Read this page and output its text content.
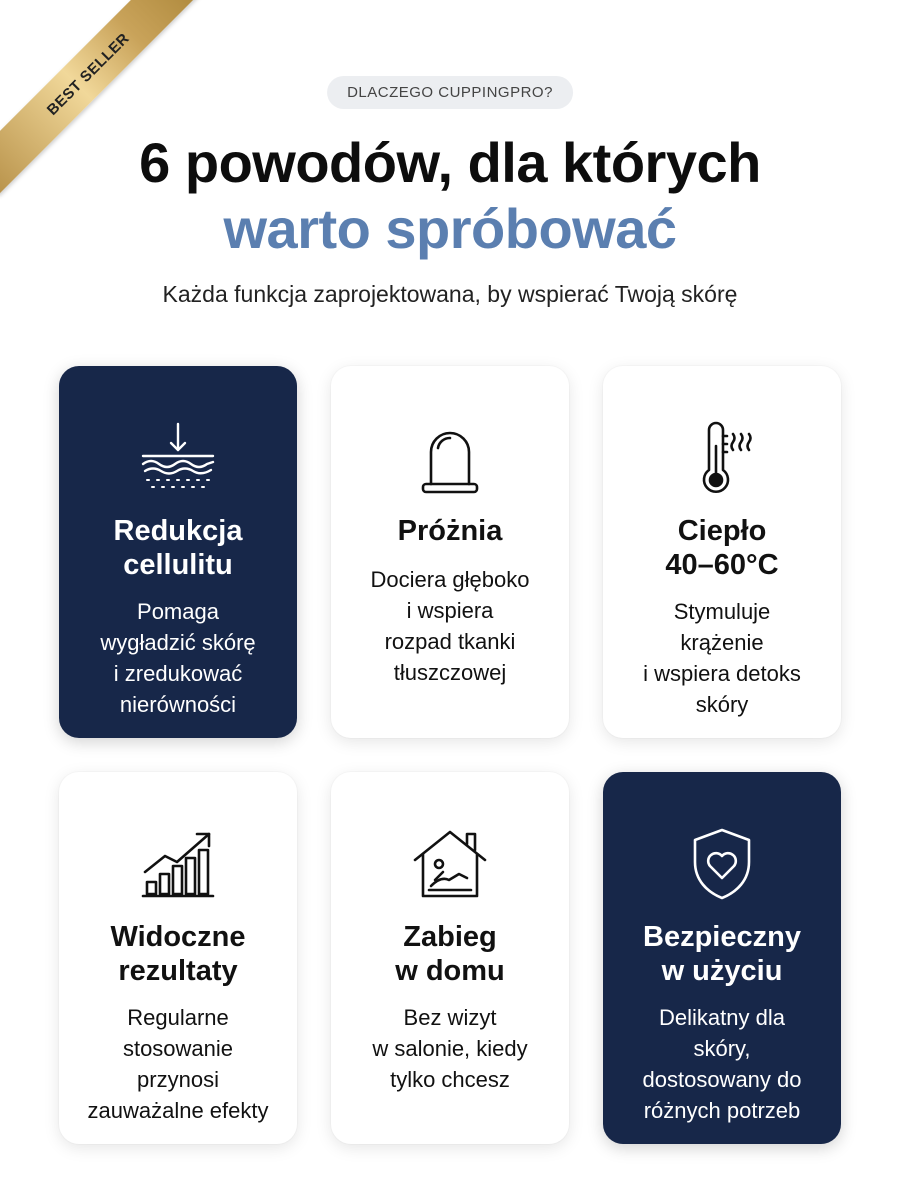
BEST SELLER	DLACZEGO CUPPINGPRO?
6 powodów, dla których
warto spróbować
Każda funkcja zaprojektowana, by wspierać Twoją skórę
Redukcja
cellulitu
Pomaga
wygładzić skórę
i zredukować
nierówności
Próżnia
Dociera głęboko
i wspiera
rozpad tkanki
tłuszczowej
Ciepło
40–60°C
Stymuluje
krążenie
i wspiera detoks
skóry
Widoczne
rezultaty
Regularne
stosowanie
przynosi
zauważalne efekty
Zabieg
w domu
Bez wizyt
w salonie, kiedy
tylko chcesz
Bezpieczny
w użyciu
Delikatny dla
skóry,
dostosowany do
różnych potrzeb
